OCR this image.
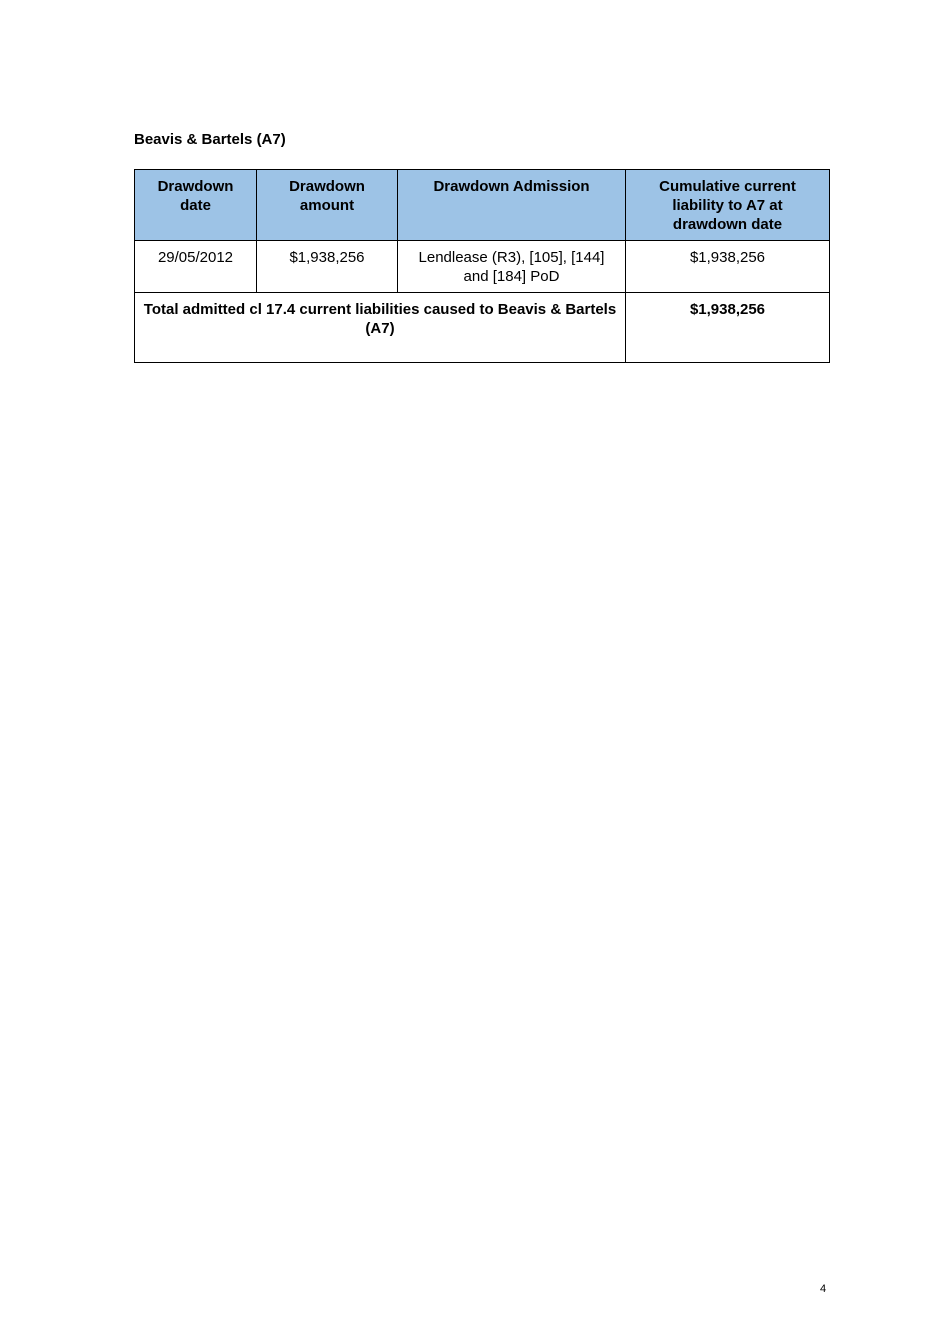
Beavis & Bartels (A7)
Drawdown date	Drawdown amount	Drawdown Admission	Cumulative current liability to A7 at drawdown date
29/05/2012	$1,938,256	Lendlease (R3), [105], [144] and [184] PoD	$1,938,256
Total admitted cl 17.4 current liabilities caused to Beavis & Bartels (A7)			$1,938,256
4
